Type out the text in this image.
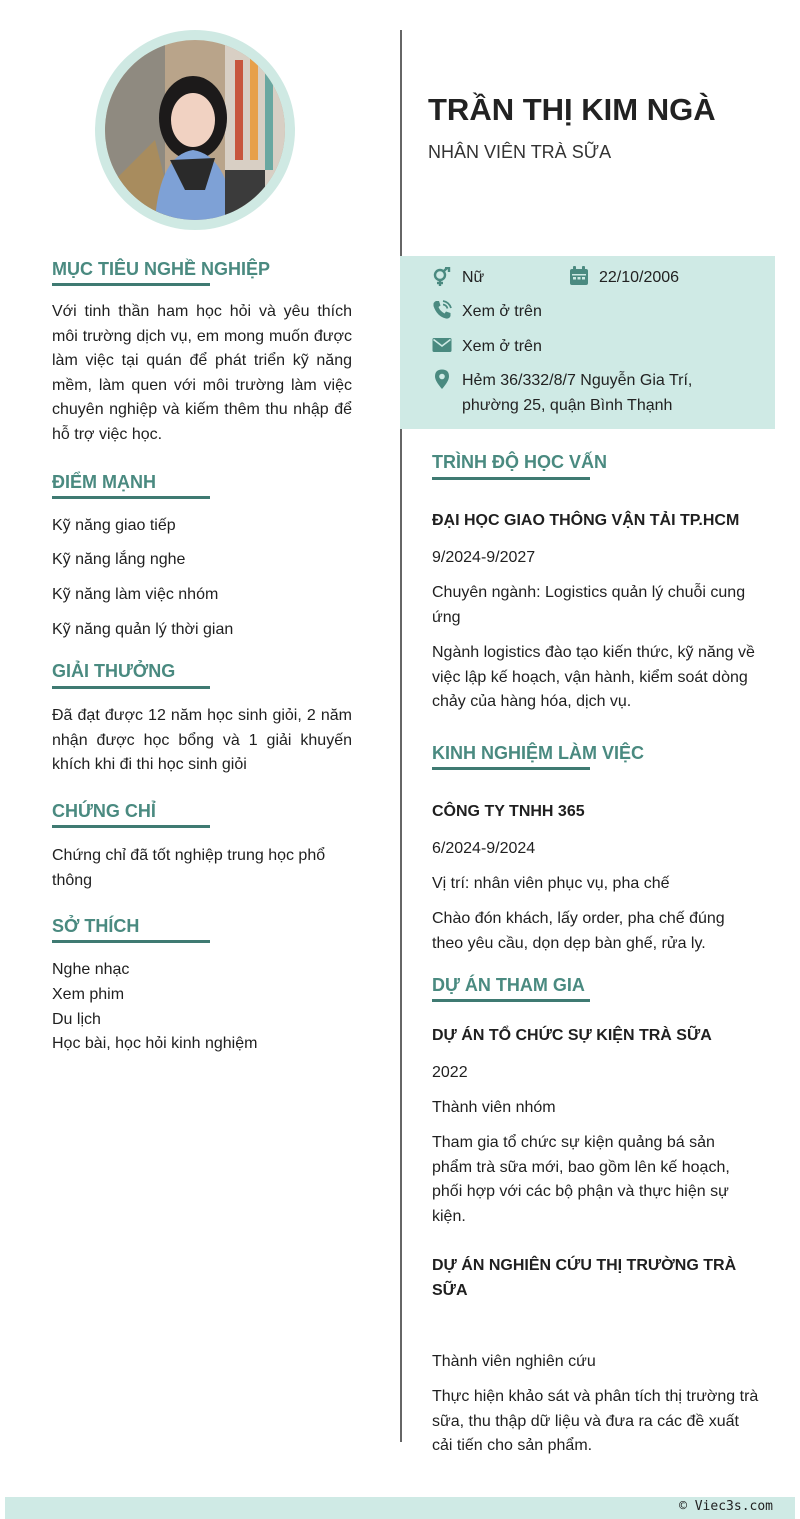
TRẦN THỊ KIM NGÀ
NHÂN VIÊN TRÀ SỮA
Nữ	22/10/2006
Xem ở trên
Xem ở trên
Hẻm 36/332/8/7 Nguyễn Gia Trí,
phường 25, quận Bình Thạnh
MỤC TIÊU NGHỀ NGHIỆP
Với tinh thần ham học hỏi và yêu thích môi trường dịch vụ, em mong muốn được làm việc tại quán để phát triển kỹ năng mềm, làm quen với môi trường làm việc chuyên nghiệp và kiếm thêm thu nhập để hỗ trợ việc học.
ĐIỂM MẠNH
Kỹ năng giao tiếp
Kỹ năng lắng nghe
Kỹ năng làm việc nhóm
Kỹ năng quản lý thời gian
GIẢI THƯỞNG
Đã đạt được 12 năm học sinh giỏi, 2 năm nhận được học bổng và 1 giải khuyến khích khi đi thi học sinh giỏi
CHỨNG CHỈ
Chứng chỉ đã tốt nghiệp trung học phổ thông
SỞ THÍCH
Nghe nhạc
Xem phim
Du lịch
Học bài, học hỏi kinh nghiệm
TRÌNH ĐỘ HỌC VẤN
ĐẠI HỌC GIAO THÔNG VẬN TẢI TP.HCM
9/2024-9/2027
Chuyên ngành: Logistics quản lý chuỗi cung ứng
Ngành logistics đào tạo kiến thức, kỹ năng về việc lập kế hoạch, vận hành, kiểm soát dòng chảy của hàng hóa, dịch vụ.
KINH NGHIỆM LÀM VIỆC
CÔNG TY TNHH 365
6/2024-9/2024
Vị trí: nhân viên phục vụ, pha chế
Chào đón khách, lấy order, pha chế đúng theo yêu cầu, dọn dẹp bàn ghế, rửa ly.
DỰ ÁN THAM GIA
DỰ ÁN TỔ CHỨC SỰ KIỆN TRÀ SỮA
2022
Thành viên nhóm
Tham gia tổ chức sự kiện quảng bá sản phẩm trà sữa mới, bao gồm lên kế hoạch, phối hợp với các bộ phận và thực hiện sự kiện.
DỰ ÁN NGHIÊN CỨU THỊ TRƯỜNG TRÀ SỮA
Thành viên nghiên cứu
Thực hiện khảo sát và phân tích thị trường trà sữa, thu thập dữ liệu và đưa ra các đề xuất cải tiến cho sản phẩm.
© Viec3s.com
